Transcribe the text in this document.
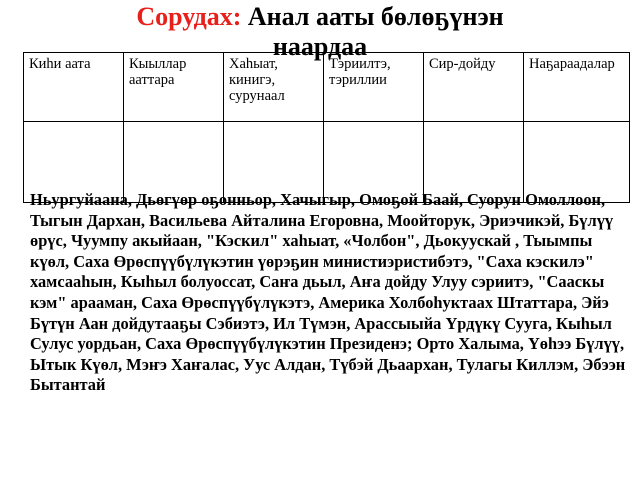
Сорудах: Анал ааты бөлөҕүнэн
наардаа
Киһи аата	Кыыллар ааттара	Хаһыат, кинигэ, сурунаал	Тэриилтэ, тэриллии	Сир-дойду	Наҕараадалар

Ньургуйаана, Дьөгүөр оҕонньор, Хачыгыр, Омоҕой Баай, Суорун Омоллоон, Тыгын Дархан, Васильева Айталина Егоровна, Моойторук, Эриэчикэй, Бүлүү өрүс, Чуумпу акыйаан, "Кэскил" хаһыат, «Чолбон", Дьокуускай , Тыымпы күөл, Саха Өрөспүүбүлүкэтин үөрэҕин министиэристибэтэ, "Саха кэскилэ" хамсааһын, Кыһыл болуоссат, Саҥа дьыл, Аҥа дойду Улуу сэриитэ, "Сааскы кэм" арааман, Саха Өрөспүүбүлүкэтэ, Америка Холбоһуктаах Штаттара, Эйэ Бүтүн Аан дойдутааҕы Сэбиэтэ, Ил Түмэн, Арассыыйа Үрдүкү Сууга, Кыһыл Сулус уордьан, Саха Өрөспүүбүлүкэтин Президенэ; Орто Халыма, Үөһээ Бүлүү, Ытык Күөл, Мэҥэ Хаҥалас, Уус Алдан, Түбэй Дьаархан, Тулагы Киллэм, Эбээн Бытантай
